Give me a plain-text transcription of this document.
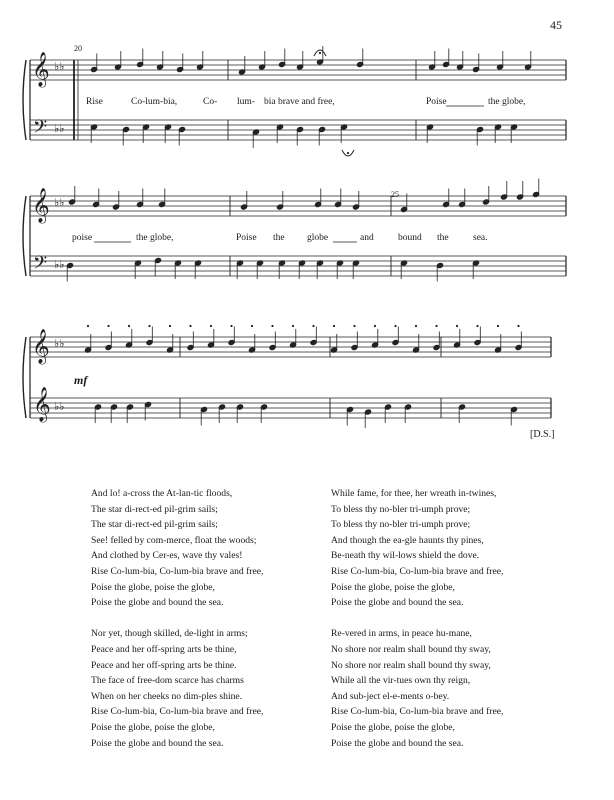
45
𝄞
𝄢
♭♭
♭♭
𝄞
𝄢
♭♭
♭♭
𝄞
𝄞
♭♭
♭♭
20
25
Rise	Co-lum-bia,	Co- lum- bia brave and free,	Poise	the globe,
poise	the globe,	Poise the globe	and	bound the	sea.
mf
[D.S.]

And lo! a-cross the At-lan-tic floods,
The star di-rect-ed pil-grim sails;
The star di-rect-ed pil-grim sails;
See! felled by com-merce, float the woods;
And clothed by Cer-es, wave thy vales!
Rise Co-lum-bia, Co-lum-bia brave and free,
Poise the globe, poise the globe,
Poise the globe and bound the sea.

Nor yet, though skilled, de-light in arms;
Peace and her off-spring arts be thine,
Peace and her off-spring arts be thine.
The face of free-dom scarce has charms
When on her cheeks no dim-ples shine.
Rise Co-lum-bia, Co-lum-bia brave and free,
Poise the globe, poise the globe,
Poise the globe and bound the sea.

While fame, for thee, her wreath in-twines,
To bless thy no-bler tri-umph prove;
To bless thy no-bler tri-umph prove;
And though the ea-gle haunts thy pines,
Be-neath thy wil-lows shield the dove.
Rise Co-lum-bia, Co-lum-bia brave and free,
Poise the globe, poise the globe,
Poise the globe and bound the sea.

Re-vered in arms, in peace hu-mane,
No shore nor realm shall bound thy sway,
No shore nor realm shall bound thy sway,
While all the vir-tues own thy reign,
And sub-ject el-e-ments o-bey.
Rise Co-lum-bia, Co-lum-bia brave and free,
Poise the globe, poise the globe,
Poise the globe and bound the sea.
